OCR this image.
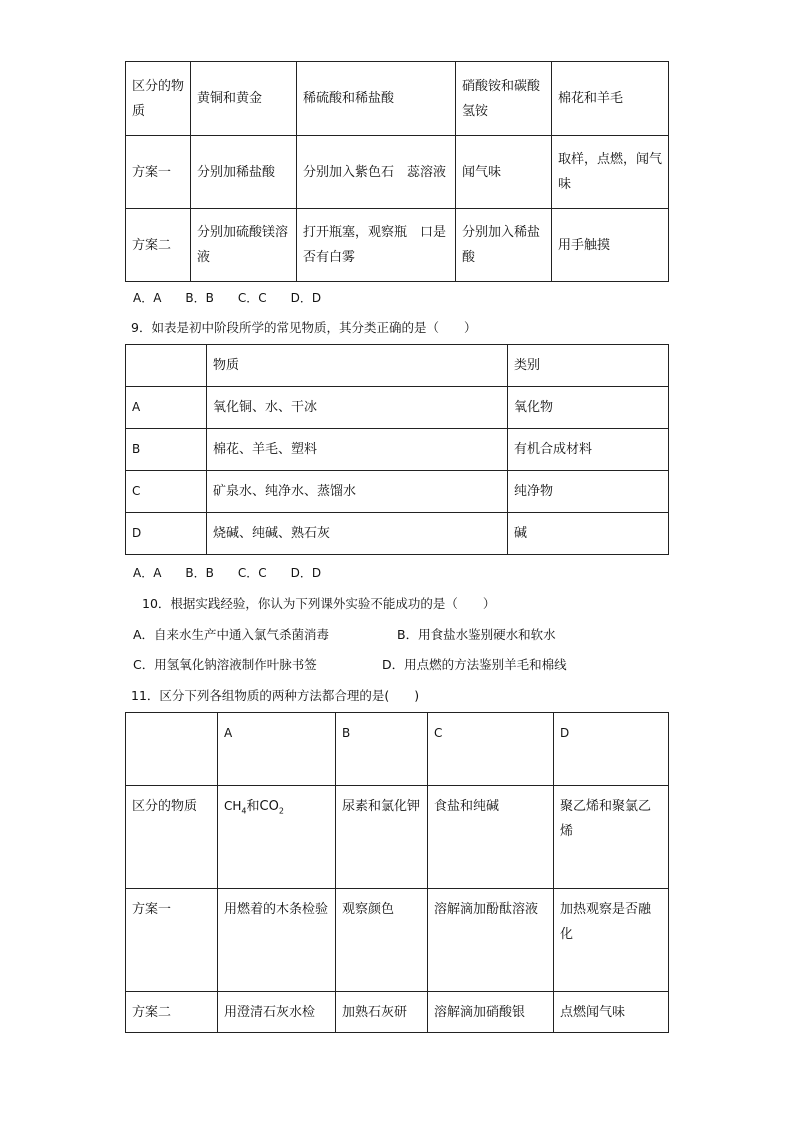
区分的物质	黄铜和黄金	稀硫酸和稀盐酸	硝酸铵和碳酸氢铵	棉花和羊毛
方案一	分别加稀盐酸	分别加入紫色石　蕊溶液	闻气味	取样，点燃，闻气　味
方案二	分别加硫酸镁溶液	打开瓶塞，观察瓶　口是否有白雾	分别加入稀盐酸	用手触摸
A．A　　B．B　　C．C　　D．D
9．如表是初中阶段所学的常见物质，其分类正确的是（　　）
	物质	类别
A	氧化铜、水、干冰	氧化物
B	棉花、羊毛、塑料	有机合成材料
C	矿泉水、纯净水、蒸馏水	纯净物
D	烧碱、纯碱、熟石灰	碱
A．A　　B．B　　C．C　　D．D
10．根据实践经验，你认为下列课外实验不能成功的是（　　）
A．自来水生产中通入氯气杀菌消毒	B．用食盐水鉴别硬水和软水
C．用氢氧化钠溶液制作叶脉书签	D．用点燃的方法鉴别羊毛和棉线
11．区分下列各组物质的两种方法都合理的是(　　)
	A	B	C	D
区分的物质	$CH_4$和$CO_2$	尿素和氯化钾	食盐和纯碱	聚乙烯和聚氯乙烯
方案一	用燃着的木条检验	观察颜色	溶解滴加酚酞溶液	加热观察是否融化
方案二	用澄清石灰水检	加熟石灰研	溶解滴加硝酸银	点燃闻气味
